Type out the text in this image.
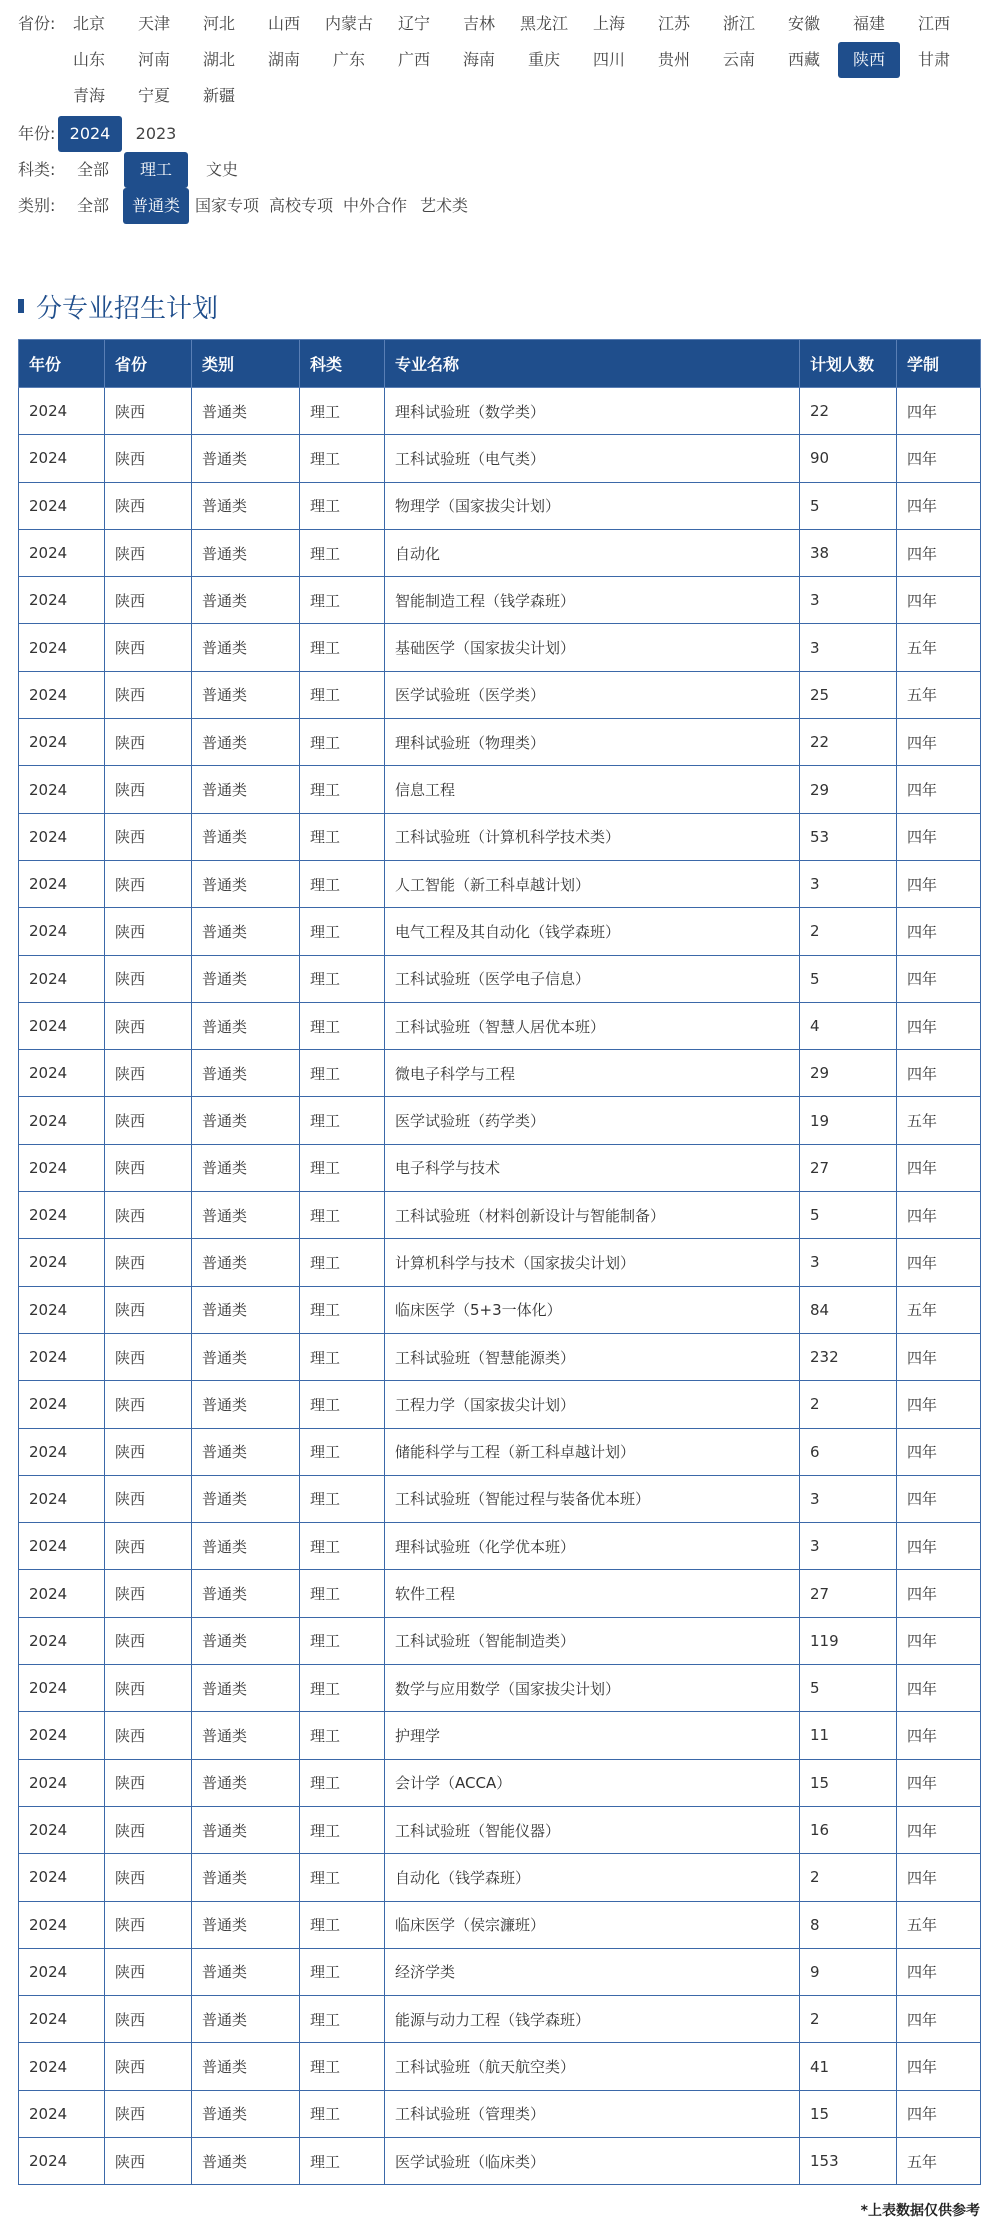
省份:	北京	天津	河北	山西	内蒙古	辽宁	吉林	黑龙江	上海	江苏	浙江	安徽	福建	江西
山东	河南	湖北	湖南	广东	广西	海南	重庆	四川	贵州	云南	西藏	陕西	甘肃
青海	宁夏	新疆
年份: 2024	2023
科类:	全部	理工	文史
类别:	全部	普通类 国家专项 高校专项 中外合作 艺术类
分专业招生计划
年份	省份	类别	科类	专业名称	计划人数	学制
2024	陕西	普通类	理工	理科试验班（数学类）	22	四年
2024	陕西	普通类	理工	工科试验班（电气类）	90	四年
2024	陕西	普通类	理工	物理学（国家拔尖计划）	5	四年
2024	陕西	普通类	理工	自动化	38	四年
2024	陕西	普通类	理工	智能制造工程（钱学森班）	3	四年
2024	陕西	普通类	理工	基础医学（国家拔尖计划）	3	五年
2024	陕西	普通类	理工	医学试验班（医学类）	25	五年
2024	陕西	普通类	理工	理科试验班（物理类）	22	四年
2024	陕西	普通类	理工	信息工程	29	四年
2024	陕西	普通类	理工	工科试验班（计算机科学技术类）	53	四年
2024	陕西	普通类	理工	人工智能（新工科卓越计划）	3	四年
2024	陕西	普通类	理工	电气工程及其自动化（钱学森班）	2	四年
2024	陕西	普通类	理工	工科试验班（医学电子信息）	5	四年
2024	陕西	普通类	理工	工科试验班（智慧人居优本班）	4	四年
2024	陕西	普通类	理工	微电子科学与工程	29	四年
2024	陕西	普通类	理工	医学试验班（药学类）	19	五年
2024	陕西	普通类	理工	电子科学与技术	27	四年
2024	陕西	普通类	理工	工科试验班（材料创新设计与智能制备）	5	四年
2024	陕西	普通类	理工	计算机科学与技术（国家拔尖计划）	3	四年
2024	陕西	普通类	理工	临床医学（5+3一体化）	84	五年
2024	陕西	普通类	理工	工科试验班（智慧能源类）	232	四年
2024	陕西	普通类	理工	工程力学（国家拔尖计划）	2	四年
2024	陕西	普通类	理工	储能科学与工程（新工科卓越计划）	6	四年
2024	陕西	普通类	理工	工科试验班（智能过程与装备优本班）	3	四年
2024	陕西	普通类	理工	理科试验班（化学优本班）	3	四年
2024	陕西	普通类	理工	软件工程	27	四年
2024	陕西	普通类	理工	工科试验班（智能制造类）	119	四年
2024	陕西	普通类	理工	数学与应用数学（国家拔尖计划）	5	四年
2024	陕西	普通类	理工	护理学	11	四年
2024	陕西	普通类	理工	会计学（ACCA）	15	四年
2024	陕西	普通类	理工	工科试验班（智能仪器）	16	四年
2024	陕西	普通类	理工	自动化（钱学森班）	2	四年
2024	陕西	普通类	理工	临床医学（侯宗濂班）	8	五年
2024	陕西	普通类	理工	经济学类	9	四年
2024	陕西	普通类	理工	能源与动力工程（钱学森班）	2	四年
2024	陕西	普通类	理工	工科试验班（航天航空类）	41	四年
2024	陕西	普通类	理工	工科试验班（管理类）	15	四年
2024	陕西	普通类	理工	医学试验班（临床类）	153	五年
*上表数据仅供参考
